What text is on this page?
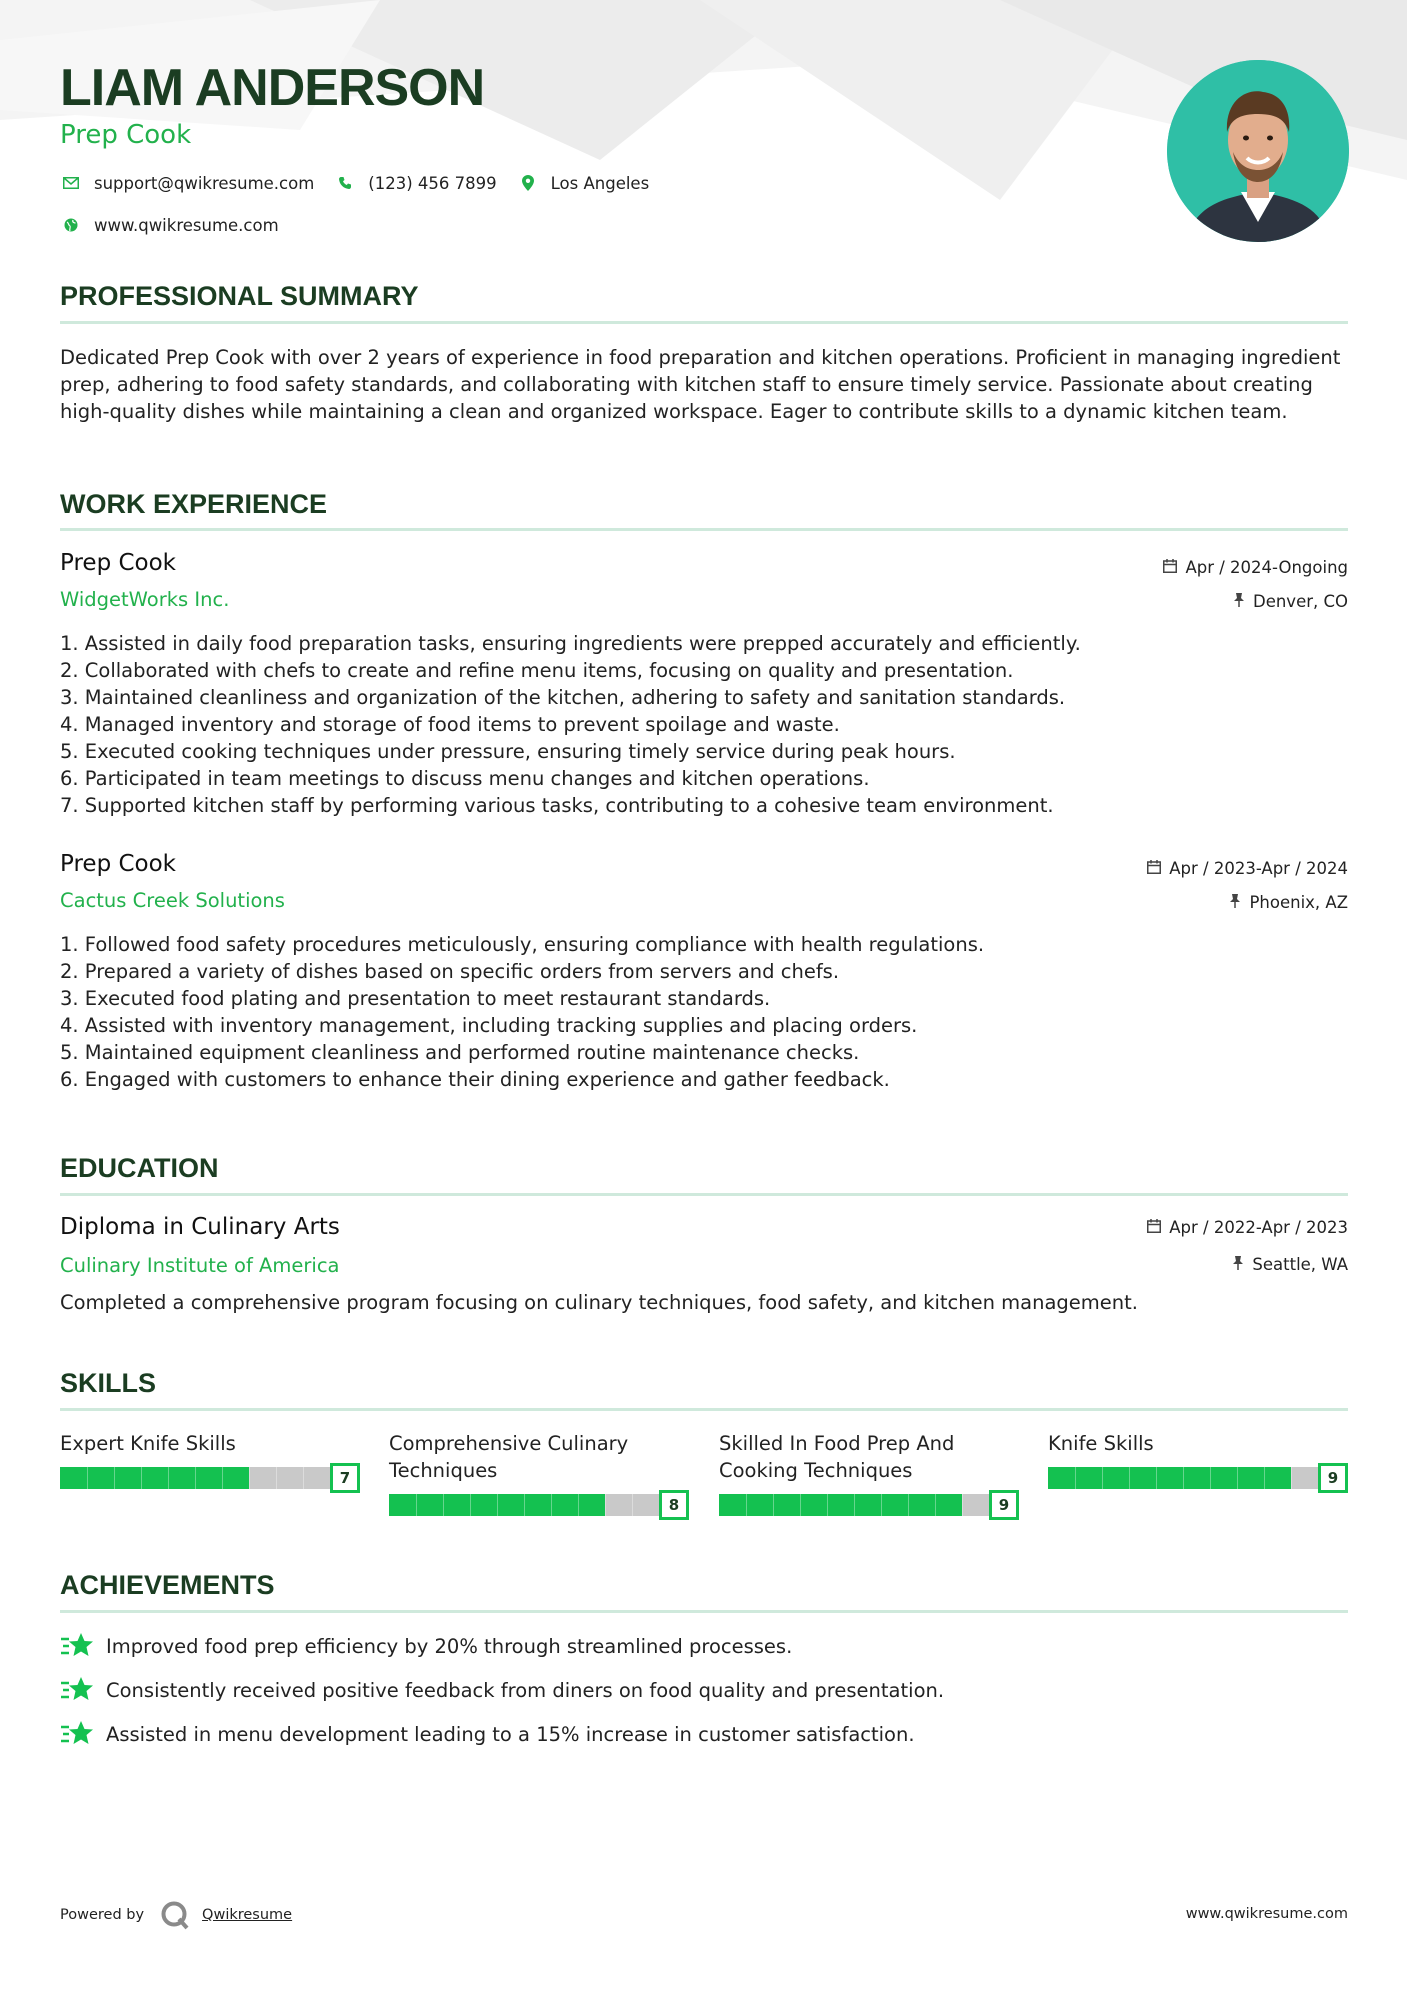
LIAM ANDERSON
Prep Cook
support@qwikresume.com	(123) 456 7899	Los Angeles
www.qwikresume.com
PROFESSIONAL SUMMARY
Dedicated Prep Cook with over 2 years of experience in food preparation and kitchen operations. Proficient in managing ingredient prep, adhering to food safety standards, and collaborating with kitchen staff to ensure timely service. Passionate about creating high-quality dishes while maintaining a clean and organized workspace. Eager to contribute skills to a dynamic kitchen team.
WORK EXPERIENCE
Prep Cook	Apr / 2024-Ongoing
WidgetWorks Inc.	Denver, CO
1. Assisted in daily food preparation tasks, ensuring ingredients were prepped accurately and efficiently.
2. Collaborated with chefs to create and refine menu items, focusing on quality and presentation.
3. Maintained cleanliness and organization of the kitchen, adhering to safety and sanitation standards.
4. Managed inventory and storage of food items to prevent spoilage and waste.
5. Executed cooking techniques under pressure, ensuring timely service during peak hours.
6. Participated in team meetings to discuss menu changes and kitchen operations.
7. Supported kitchen staff by performing various tasks, contributing to a cohesive team environment.
Prep Cook	Apr / 2023-Apr / 2024
Cactus Creek Solutions	Phoenix, AZ
1. Followed food safety procedures meticulously, ensuring compliance with health regulations.
2. Prepared a variety of dishes based on specific orders from servers and chefs.
3. Executed food plating and presentation to meet restaurant standards.
4. Assisted with inventory management, including tracking supplies and placing orders.
5. Maintained equipment cleanliness and performed routine maintenance checks.
6. Engaged with customers to enhance their dining experience and gather feedback.
EDUCATION
Diploma in Culinary Arts	Apr / 2022-Apr / 2023
Culinary Institute of America	Seattle, WA
Completed a comprehensive program focusing on culinary techniques, food safety, and kitchen management.
SKILLS
Expert Knife Skills
7
Comprehensive Culinary Techniques
8
Skilled In Food Prep And Cooking Techniques
9
Knife Skills
9
ACHIEVEMENTS
Improved food prep efficiency by 20% through streamlined processes.
Consistently received positive feedback from diners on food quality and presentation.
Assisted in menu development leading to a 15% increase in customer satisfaction.
Powered by	Qwikresume	www.qwikresume.com
